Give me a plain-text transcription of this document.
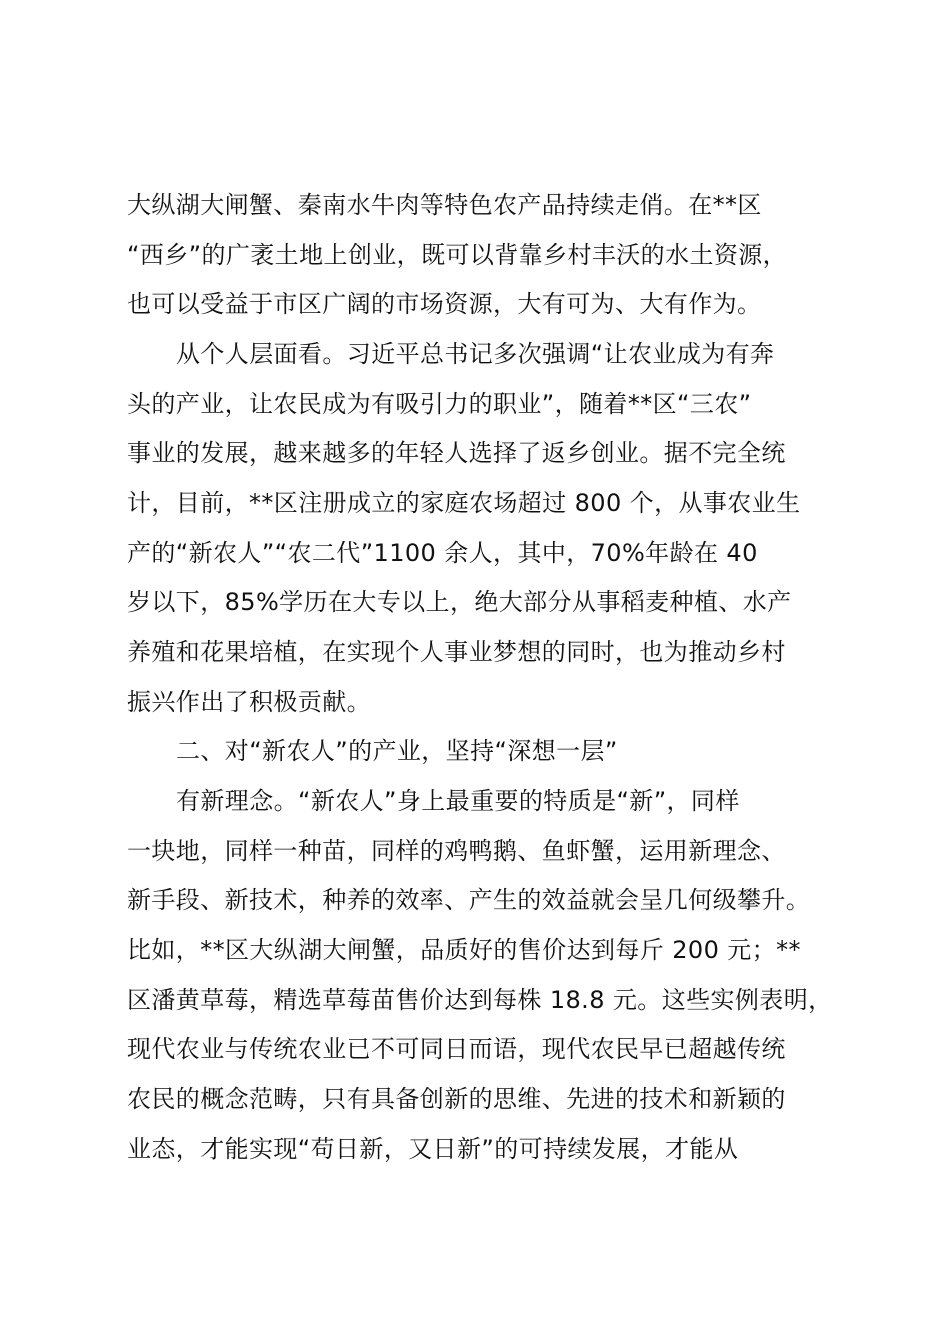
大纵湖大闸蟹、秦南水牛肉等特色农产品持续走俏。在**区
“西乡”的广袤土地上创业，既可以背靠乡村丰沃的水土资源，
也可以受益于市区广阔的市场资源，大有可为、大有作为。
从个人层面看。习近平总书记多次强调“让农业成为有奔
头的产业，让农民成为有吸引力的职业”，随着**区“三农”
事业的发展，越来越多的年轻人选择了返乡创业。据不完全统
计，目前，**区注册成立的家庭农场超过 800 个，从事农业生
产的“新农人”“农二代”1100 余人，其中，70%年龄在 40
岁以下，85%学历在大专以上，绝大部分从事稻麦种植、水产
养殖和花果培植，在实现个人事业梦想的同时，也为推动乡村
振兴作出了积极贡献。
二、对“新农人”的产业，坚持“深想一层”
有新理念。“新农人”身上最重要的特质是“新”，同样
一块地，同样一种苗，同样的鸡鸭鹅、鱼虾蟹，运用新理念、
新手段、新技术，种养的效率、产生的效益就会呈几何级攀升。
比如，**区大纵湖大闸蟹，品质好的售价达到每斤 200 元；**
区潘黄草莓，精选草莓苗售价达到每株 18.8 元。这些实例表明，
现代农业与传统农业已不可同日而语，现代农民早已超越传统
农民的概念范畴，只有具备创新的思维、先进的技术和新颖的
业态，才能实现“苟日新，又日新”的可持续发展，才能从
